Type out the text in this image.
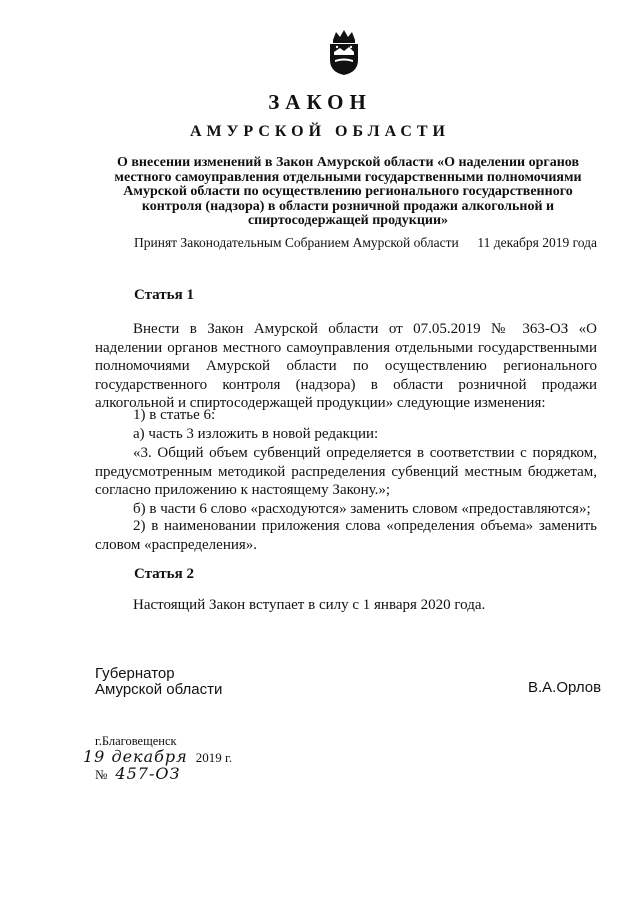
ЗАКОН
АМУРСКОЙ ОБЛАСТИ
О внесении изменений в Закон Амурской области «О наделении органов местного самоуправления отдельными государственными полномочиями Амурской области по осуществлению регионального государственного контроля (надзора) в области розничной продажи алкогольной и спиртосодержащей продукции»
Принят Законодательным Собранием Амурской области 11 декабря 2019 года
Статья 1
Внести в Закон Амурской области от 07.05.2019 № 363-ОЗ «О наделении органов местного самоуправления отдельными государственными полномочиями Амурской области по осуществлению регионального государственного контроля (надзора) в области розничной продажи алкогольной и спиртосодержащей продукции» следующие изменения:
1) в статье 6:
а) часть 3 изложить в новой редакции:
«3. Общий объем субвенций определяется в соответствии с порядком, предусмотренным методикой распределения субвенций местным бюджетам, согласно приложению к настоящему Закону.»;
б) в части 6 слово «расходуются» заменить словом «предоставляются»;
2) в наименовании приложения слова «определения объема» заменить словом «распределения».
Статья 2
Настоящий Закон вступает в силу с 1 января 2020 года.
Губернатор
Амурской области	В.А.Орлов
г.Благовещенск
19 декабря 2019 г.
№ 457-ОЗ
